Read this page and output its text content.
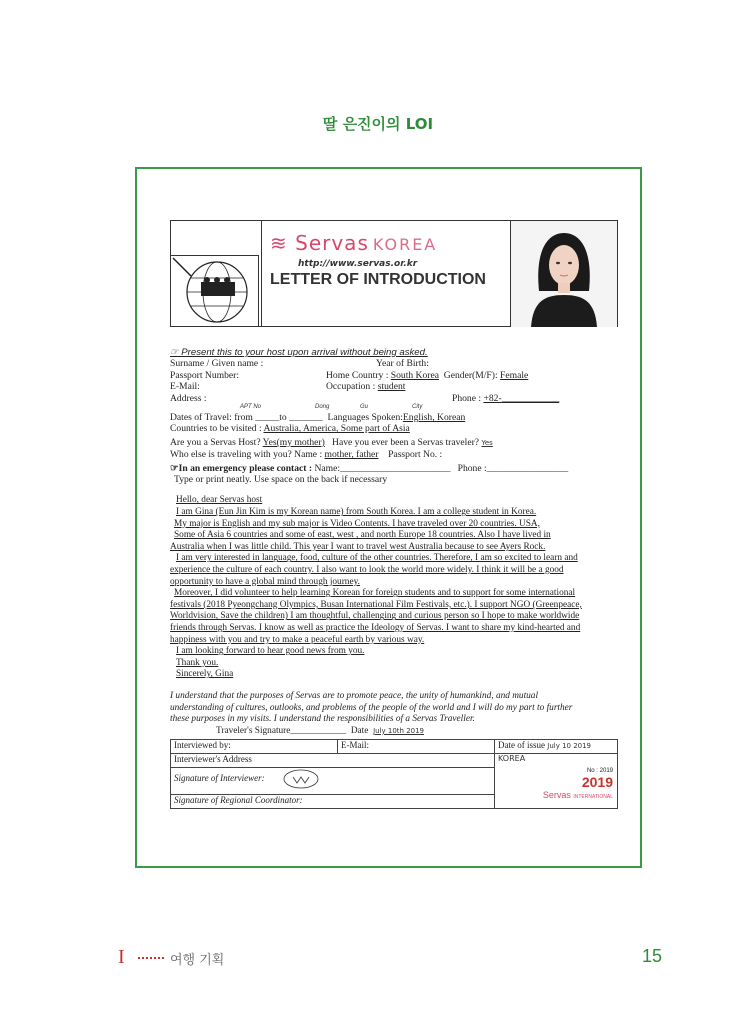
딸 은진이의 LOI
≋ Servas KOREA
http://www.servas.or.kr
LETTER OF INTRODUCTION
☞ Present this to your host upon arrival without being asked.
Surname / Given name :	Year of Birth:
Passport Number:	Home Country : South Korea Gender(M/F): Female
E-Mail:	Occupation : student
Address :	Phone : +82-____________
APT No	Dong	Gu	City
Dates of Travel: from _____to _______ Languages Spoken:English, Korean
Countries to be visited : Australia, America, Some part of Asia
Are you a Servas Host? Yes(my mother) Have you ever been a Servas traveler? Yes
Who else is traveling with you? Name : mother, father Passport No. :
☞In an emergency please contact : Name:_______________________   Phone :_________________
Type or print neatly. Use space on the back if necessary
Hello, dear Servas host
I am Gina (Eun Jin Kim is my Korean name) from South Korea. I am a college student in Korea.
My major is English and my sub major is Video Contents. I have traveled over 20 countries. USA,
Some of Asia 6 countries and some of east, west , and north Europe 18 countries. Also I have lived in
Australia when I was little child. This year I want to travel west Australia because to see Ayers Rock.
I am very interested in language, food, culture of the other countries. Therefore, I am so excited to learn and
experience the culture of each country. I also want to look the world more widely. I think it will be a good
opportunity to have a global mind through journey.
Moreover, I did volunteer to help learning Korean for foreign students and to support for some international
festivals (2018 Pyeongchang Olympics, Busan International Film Festivals, etc.). I support NGO (Greenpeace,
Worldvision, Save the children) I am thoughtful, challenging and curious person so I hope to make worldwide
friends through Servas. I know as well as practice the Ideology of Servas. I want to share my kind-hearted and
happiness with you and try to make a peaceful earth by various way.
I am looking forward to hear good news from you.
Thank you.
Sincerely, Gina
I understand that the purposes of Servas are to promote peace, the unity of humankind, and mutual
understanding of cultures, outlooks, and problems of the people of the world and I will do my part to further
these purposes in my visits. I understand the responsibilities of a Servas Traveller.
Traveler's Signature____________  Date July 10th 2019
Interviewed by:	E-Mail:	Date of issue July 10 2019
Interviewer's Address		KOREA
No : 2019
2019
Servas INTERNATIONAL

Signature of Interviewer:		
Signature of Regional Coordinator:		
I	여행 기획	15
